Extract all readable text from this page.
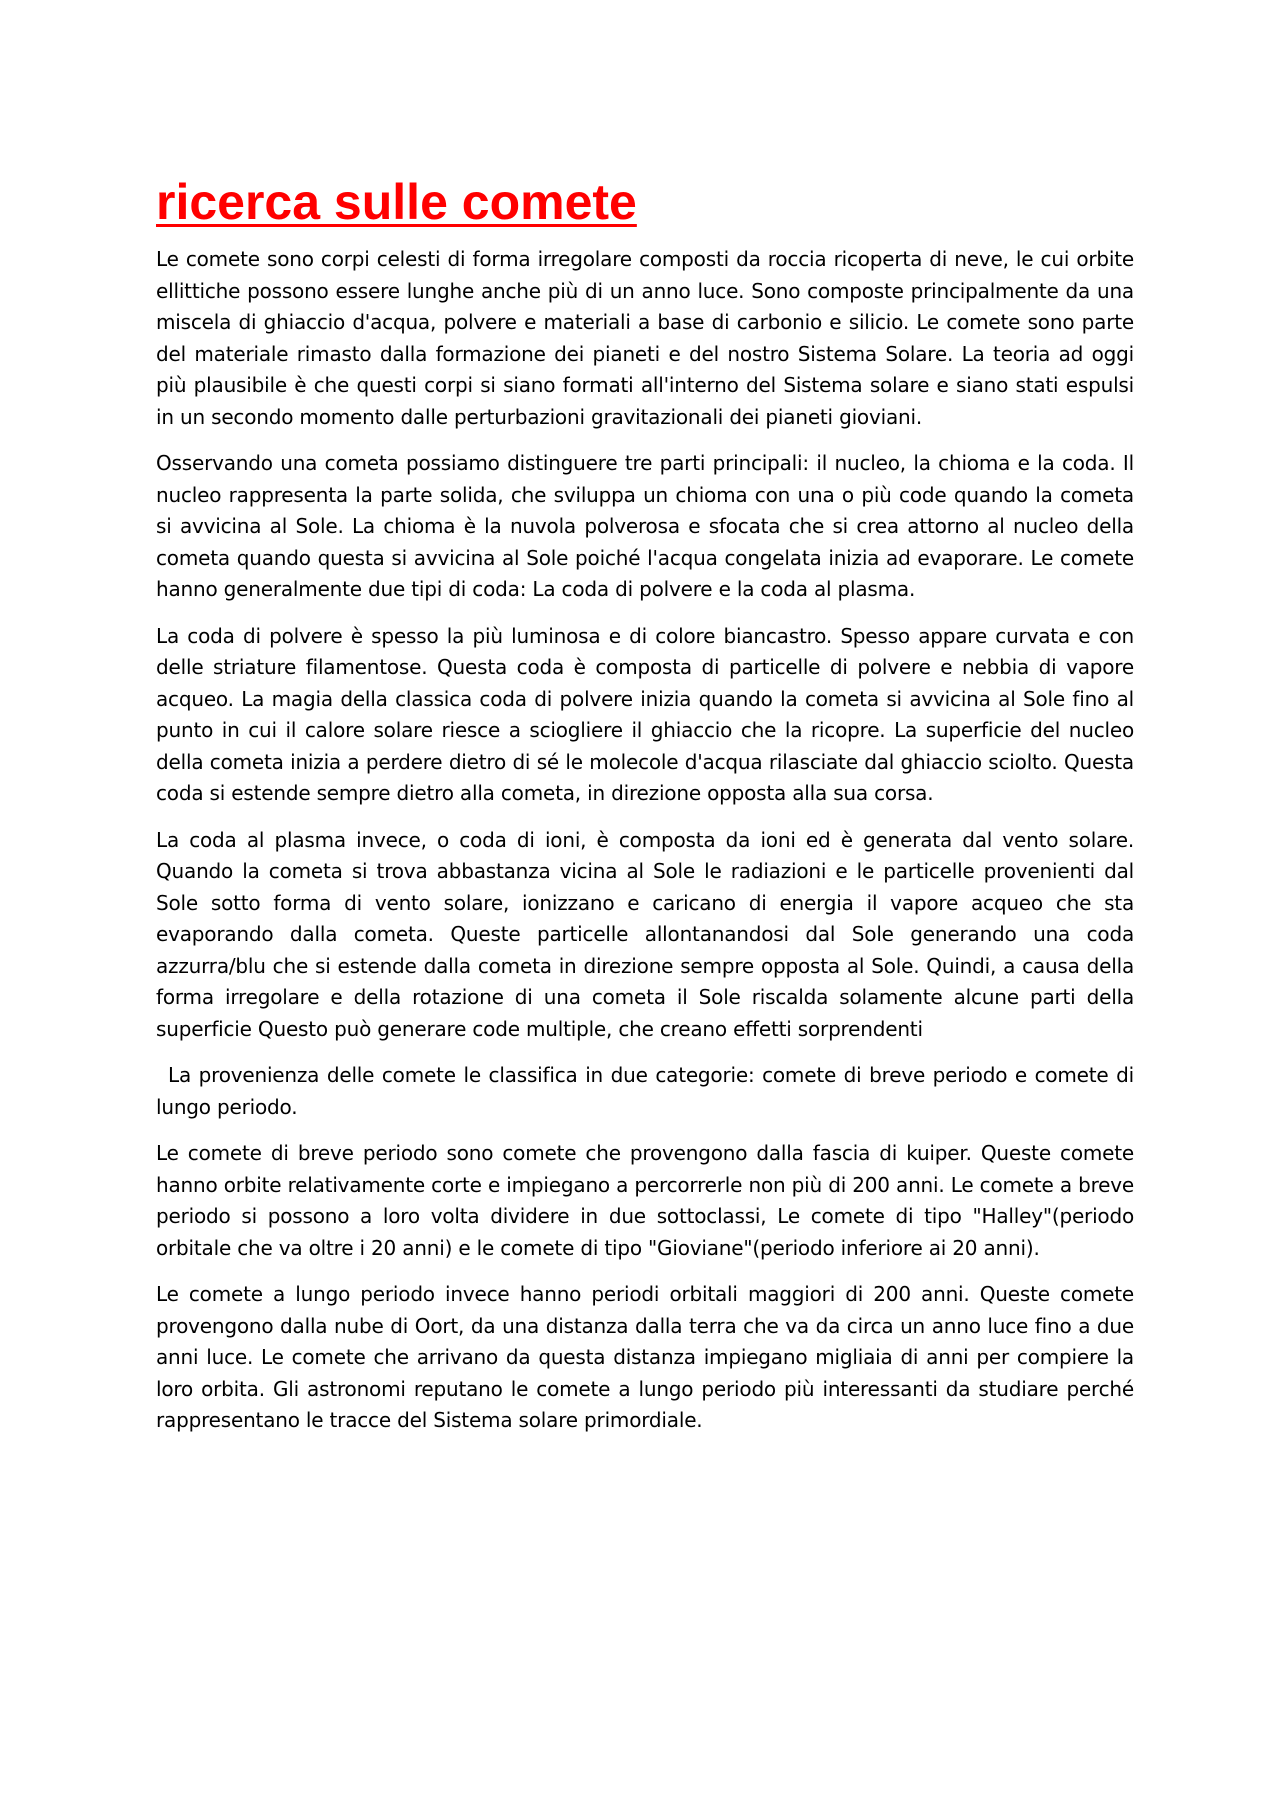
ricerca sulle comete

Le comete sono corpi celesti di forma irregolare composti da roccia ricoperta di neve, le cui orbite ellittiche possono essere lunghe anche più di un anno luce. Sono composte principalmente da una miscela di ghiaccio d'acqua, polvere e materiali a base di carbonio e silicio. Le comete sono parte del materiale rimasto dalla formazione dei pianeti e del nostro Sistema Solare. La teoria ad oggi più plausibile è che questi corpi si siano formati all'interno del Sistema solare e siano stati espulsi in un secondo momento dalle perturbazioni gravitazionali dei pianeti gioviani.

Osservando una cometa possiamo distinguere tre parti principali: il nucleo, la chioma e la coda. Il nucleo rappresenta la parte solida, che sviluppa un chioma con una o più code quando la cometa si avvicina al Sole. La chioma è la nuvola polverosa e sfocata che si crea attorno al nucleo della cometa quando questa si avvicina al Sole poiché l'acqua congelata inizia ad evaporare. Le comete hanno generalmente due tipi di coda: La coda di polvere e la coda al plasma.

La coda di polvere è spesso la più luminosa e di colore biancastro. Spesso appare curvata e con delle striature filamentose. Questa coda è composta di particelle di polvere e nebbia di vapore acqueo. La magia della classica coda di polvere inizia quando la cometa si avvicina al Sole fino al punto in cui il calore solare riesce a sciogliere il ghiaccio che la ricopre. La superficie del nucleo della cometa inizia a perdere dietro di sé le molecole d'acqua rilasciate dal ghiaccio sciolto. Questa coda si estende sempre dietro alla cometa, in direzione opposta alla sua corsa.

La coda al plasma invece, o coda di ioni, è composta da ioni ed è generata dal vento solare. Quando la cometa si trova abbastanza vicina al Sole le radiazioni e le particelle provenienti dal Sole sotto forma di vento solare, ionizzano e caricano di energia il vapore acqueo che sta evaporando dalla cometa. Queste particelle allontanandosi dal Sole generando una coda azzurra/blu che si estende dalla cometa in direzione sempre opposta al Sole. Quindi, a causa della forma irregolare e della rotazione di una cometa il Sole riscalda solamente alcune parti della superficie Questo può generare code multiple, che creano effetti sorprendenti

La provenienza delle comete le classifica in due categorie: comete di breve periodo e comete di lungo periodo.

Le comete di breve periodo sono comete che provengono dalla fascia di kuiper. Queste comete hanno orbite relativamente corte e impiegano a percorrerle non più di 200 anni. Le comete a breve periodo si possono a loro volta dividere in due sottoclassi, Le comete di tipo "Halley"(periodo orbitale che va oltre i 20 anni) e le comete di tipo "Gioviane"(periodo inferiore ai 20 anni).

Le comete a lungo periodo invece hanno periodi orbitali maggiori di 200 anni. Queste comete provengono dalla nube di Oort, da una distanza dalla terra che va da circa un anno luce fino a due anni luce. Le comete che arrivano da questa distanza impiegano migliaia di anni per compiere la loro orbita. Gli astronomi reputano le comete a lungo periodo più interessanti da studiare perché rappresentano le tracce del Sistema solare primordiale.
